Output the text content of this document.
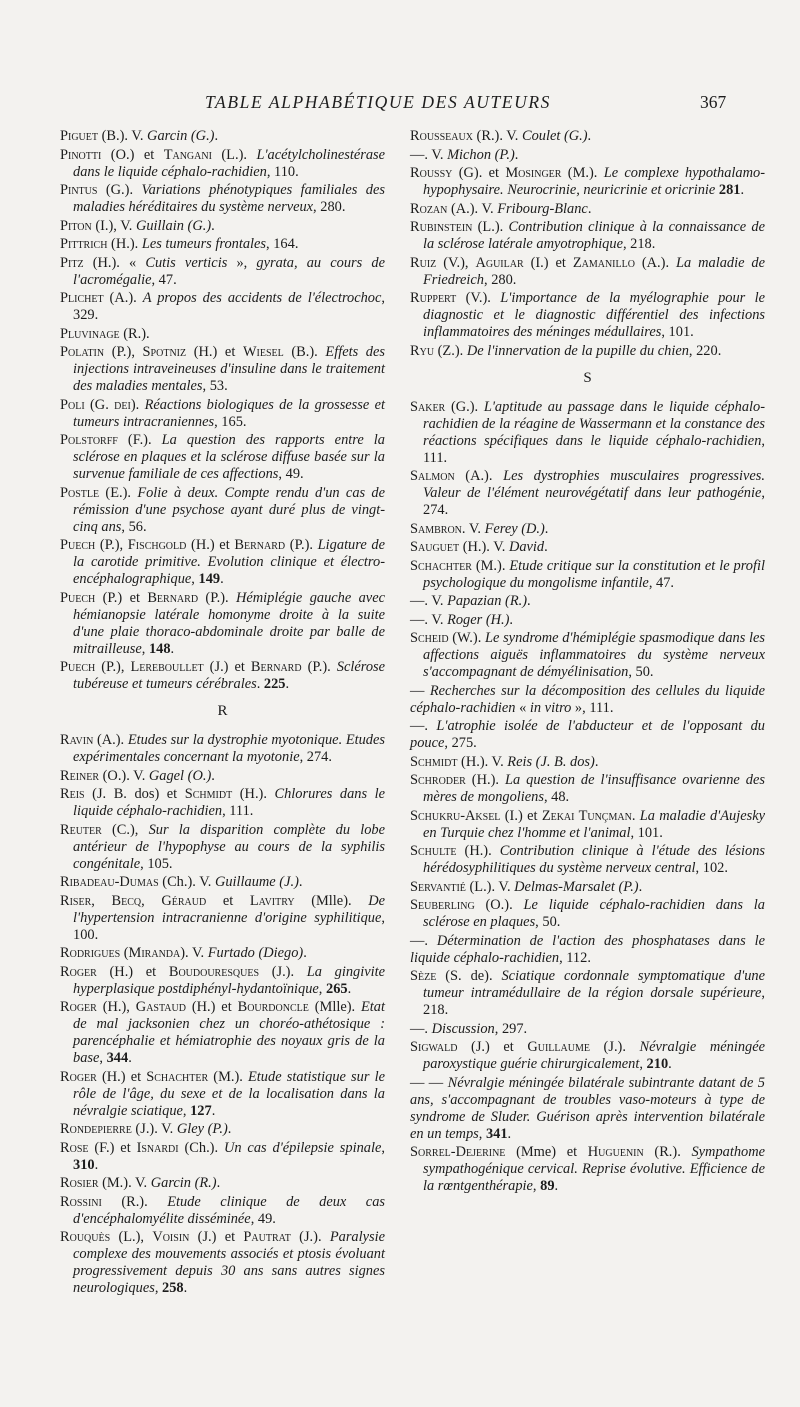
TABLE ALPHABÉTIQUE DES AUTEURS	367

Piguet (B.). V. Garcin (G.).

Pinotti (O.) et Tangani (L.). L'acétylcholinestérase dans le liquide céphalo-rachidien, 110.

Pintus (G.). Variations phénotypiques familiales des maladies héréditaires du système nerveux, 280.

Piton (I.), V. Guillain (G.).

Pittrich (H.). Les tumeurs frontales, 164.

Pitz (H.). « Cutis verticis », gyrata, au cours de l'acromégalie, 47.

Plichet (A.). A propos des accidents de l'électrochoc, 329.

Pluvinage (R.).

Polatin (P.), Spotniz (H.) et Wiesel (B.). Effets des injections intraveineuses d'insuline dans le traitement des maladies mentales, 53.

Poli (G. dei). Réactions biologiques de la grossesse et tumeurs intracraniennes, 165.

Polstorff (F.). La question des rapports entre la sclérose en plaques et la sclérose diffuse basée sur la survenue familiale de ces affections, 49.

Postle (E.). Folie à deux. Compte rendu d'un cas de rémission d'une psychose ayant duré plus de vingt-cinq ans, 56.

Puech (P.), Fischgold (H.) et Bernard (P.). Ligature de la carotide primitive. Evolution clinique et électro-encéphalographique, 149.

Puech (P.) et Bernard (P.). Hémiplégie gauche avec hémianopsie latérale homonyme droite à la suite d'une plaie thoraco-abdominale droite par balle de mitrailleuse, 148.

Puech (P.), Lereboullet (J.) et Bernard (P.). Sclérose tubéreuse et tumeurs cérébrales. 225.

R

Ravin (A.). Etudes sur la dystrophie myotonique. Etudes expérimentales concernant la myotonie, 274.

Reiner (O.). V. Gagel (O.).

Reis (J. B. dos) et Schmidt (H.). Chlorures dans le liquide céphalo-rachidien, 111.

Reuter (C.), Sur la disparition complète du lobe antérieur de l'hypophyse au cours de la syphilis congénitale, 105.

Ribadeau-Dumas (Ch.). V. Guillaume (J.).

Riser, Becq, Géraud et Lavitry (Mlle). De l'hypertension intracranienne d'origine syphilitique, 100.

Rodrigues (Miranda). V. Furtado (Diego).

Roger (H.) et Boudouresques (J.). La gingivite hyperplasique postdiphényl-hydantoïnique, 265.

Roger (H.), Gastaud (H.) et Bourdoncle (Mlle). Etat de mal jacksonien chez un choréo-athétosique : parencéphalie et hémiatrophie des noyaux gris de la base, 344.

Roger (H.) et Schachter (M.). Etude statistique sur le rôle de l'âge, du sexe et de la localisation dans la névralgie sciatique, 127.

Rondepierre (J.). V. Gley (P.).

Rose (F.) et Isnardi (Ch.). Un cas d'épilepsie spinale, 310.

Rosier (M.). V. Garcin (R.).

Rossini (R.). Etude clinique de deux cas d'encéphalomyélite disséminée, 49.

Rouquès (L.), Voisin (J.) et Pautrat (J.). Paralysie complexe des mouvements associés et ptosis évoluant progressivement depuis 30 ans sans autres signes neurologiques, 258.

Rousseaux (R.). V. Coulet (G.).

—. V. Michon (P.).

Roussy (G). et Mosinger (M.). Le complexe hypothalamo-hypophysaire. Neurocrinie, neuricrinie et oricrinie 281.

Rozan (A.). V. Fribourg-Blanc.

Rubinstein (L.). Contribution clinique à la connaissance de la sclérose latérale amyotrophique, 218.

Ruiz (V.), Aguilar (I.) et Zamanillo (A.). La maladie de Friedreich, 280.

Ruppert (V.). L'importance de la myélographie pour le diagnostic et le diagnostic différentiel des infections inflammatoires des méninges médullaires, 101.

Ryu (Z.). De l'innervation de la pupille du chien, 220.

S

Saker (G.). L'aptitude au passage dans le liquide céphalo-rachidien de la réagine de Wassermann et la constance des réactions spécifiques dans le liquide céphalo-rachidien, 111.

Salmon (A.). Les dystrophies musculaires progressives. Valeur de l'élément neurovégétatif dans leur pathogénie, 274.

Sambron. V. Ferey (D.).

Sauguet (H.). V. David.

Schachter (M.). Etude critique sur la constitution et le profil psychologique du mongolisme infantile, 47.

—. V. Papazian (R.).

—. V. Roger (H.).

Scheid (W.). Le syndrome d'hémiplégie spasmodique dans les affections aiguës inflammatoires du système nerveux s'accompagnant de démyélinisation, 50.

— Recherches sur la décomposition des cellules du liquide céphalo-rachidien « in vitro », 111.

—. L'atrophie isolée de l'abducteur et de l'opposant du pouce, 275.

Schmidt (H.). V. Reis (J. B. dos).

Schroder (H.). La question de l'insuffisance ovarienne des mères de mongoliens, 48.

Schukru-Aksel (I.) et Zekai Tunçman. La maladie d'Aujesky en Turquie chez l'homme et l'animal, 101.

Schulte (H.). Contribution clinique à l'étude des lésions hérédosyphilitiques du système nerveux central, 102.

Servantié (L.). V. Delmas-Marsalet (P.).

Seuberling (O.). Le liquide céphalo-rachidien dans la sclérose en plaques, 50.

—. Détermination de l'action des phosphatases dans le liquide céphalo-rachidien, 112.

Sèze (S. de). Sciatique cordonnale symptomatique d'une tumeur intramédullaire de la région dorsale supérieure, 218.

—. Discussion, 297.

Sigwald (J.) et Guillaume (J.). Névralgie méningée paroxystique guérie chirurgicalement, 210.

— — Névralgie méningée bilatérale subintrante datant de 5 ans, s'accompagnant de troubles vaso-moteurs à type de syndrome de Sluder. Guérison après intervention bilatérale en un temps, 341.

Sorrel-Dejerine (Mme) et Huguenin (R.). Sympathome sympathogénique cervical. Reprise évolutive. Efficience de la rœntgenthérapie, 89.
